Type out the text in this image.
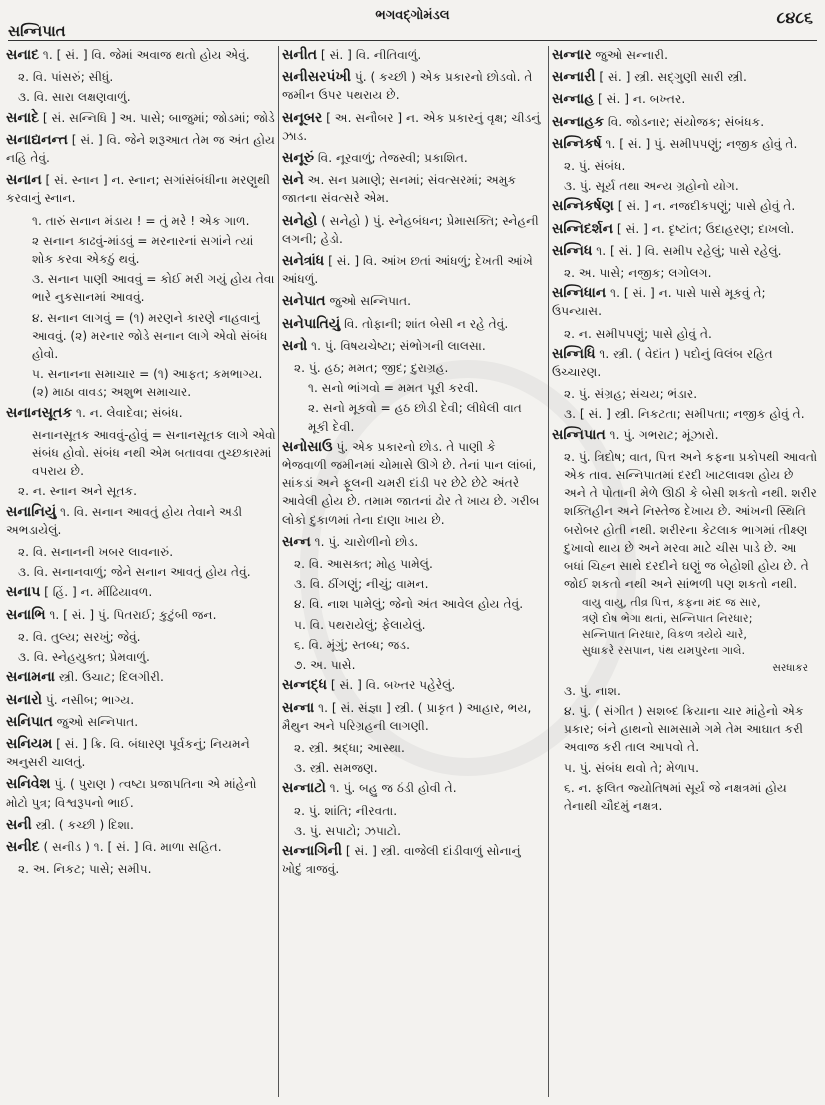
સન્નિપાત
ભગવદ્ગોમંડલ	૮૪૮૬

સનાદ ૧. [ સં. ] વિ. જેમાં અવાજ થતો હોય એવું.

૨. વિ. પાંસરું; સીધું.

૩. વિ. સારા લક્ષણવાળું.

સનાદે [ સં. સન્નિધિ ] અ. પાસે; બાજુમાં; જોડમાં; જોડે

સનાદ્યનન્ત [ સં. ] વિ. જેને શરૂઆત તેમ જ અંત હોય નહિ તેવું.

સનાન [ સં. સ્નાન ] ન. સ્નાન; સગાંસંબંધીના મરણુથી કરવાનું સ્નાન.

૧. તારું સનાન મંડાય ! = તું મરે ! એક ગાળ.

૨ સનાન કાઢવું-માંડવું = મરનારનાં સગાંને ત્યાં શોક કરવા એકઠું થવું.

૩. સનાન પાણી આવવું = કોઈ મરી ગયું હોય તેવા ભારે નુકસાનમાં આવવું.

૪. સનાન લાગવું = (૧) મરણને કારણે નાહવાનું આવવું. (૨) મરનાર જોડે સનાન લાગે એવો સંબંધ હોવો.

૫. સનાનના સમાચાર = (૧) આફત; કમભાગ્ય. (૨) માઠા વાવડ; અશુભ સમાચાર.

સનાનસૂતક ૧. ન. લેવાદેવા; સંબંધ.

સનાનસૂતક આવવું-હોવું = સનાનસૂતક લાગે એવો સંબંધ હોવો. સંબંધ નથી એમ બતાવવા તુચ્છકારમાં વપરાય છે.

૨. ન. સ્નાન અને સૂતક.

સનાનિયું ૧. વિ. સનાન આવતું હોય તેવાને અડી અભડાયેલું.

૨. વિ. સનાનની ખબર લાવનારું.

૩. વિ. સનાનવાળું; જેને સનાન આવતું હોય તેવું.

સનાપ [ હિં. ] ન. મીંઢિયાવળ.

સનાભિ ૧. [ સં. ] પું. પિતરાઈ; કુટુંબી જન.

૨. વિ. તુલ્ય; સરખું; જેવું.

૩. વિ. સ્નેહયુક્ત; પ્રેમવાળું.

સનામના સ્ત્રી. ઉચાટ; દિલગીરી.

સનારો પું. નસીબ; ભાગ્ય.

સનિપાત જુઓ સન્નિપાત.

સનિયમ [ સં. ] ક્રિ. વિ. બંધારણ પૂર્વકનું; નિયમને અનુસરી ચાલતું.

સનિવેશ પું. ( પુરાણ ) ત્વષ્ટા પ્રજાપતિના એ માંહેનો મોટો પુત્ર; વિશ્વરૂપનો ભાઈ.

સની સ્ત્રી. ( કચ્છી ) દિશા.

સનીદ ( સનીડ ) ૧. [ સં. ] વિ. માળા સહિત.

૨. અ. નિકટ; પાસે; સમીપ.

સનીત [ સં. ] વિ. નીતિવાળું.

સનીસરપંખી પું. ( કચ્છી ) એક પ્રકારનો છોડવો. તે જમીન ઉપર પથરાય છે.

સનૂબર [ અ. સનૌબર ] ન. એક પ્રકારનું વૃક્ષ; ચીડનું ઝાડ.

સનૂરું વિ. નૂરવાળું; તેજસ્વી; પ્રકાશિત.

સને અ. સન પ્રમાણે; સનમાં; સંવત્સરમાં; અમુક જાતના સંવત્સરે એમ.

સનેહો ( સનેહો ) પું. સ્નેહબંધન; પ્રેમાસક્તિ; સ્નેહની લગની; હેડો.

સનેત્રાંધ [ સં. ] વિ. આંખ છતાં આંધળું; દેખતી આંખે આંધળું.

સનેપાત જુઓ સન્નિપાત.

સનેપાતિયું વિ. તોફાની; શાંત બેસી ન રહે તેવું.

સનો ૧. પું. વિષયચેષ્ટા; સંભોગની લાલસા.

૨. પું. હઠ; મમત; જીદ; દુરાગ્રહ.

૧. સનો ભાંગવો = મમત પૂરી કરવી.

૨. સનો મૂકવો = હઠ છોડી દેવી; લીધેલી વાત મૂકી દેવી.

સનોસાઉ પું. એક પ્રકારનો છોડ. તે પાણી કે ભેજવાળી જમીનમાં ચોમાસે ઊગે છે. તેનાં પાન લાંબાં, સાંકડાં અને ફૂલની ચમરી દાંડી પર છેટે છેટે અંતરે આવેલી હોય છે. તમામ જાતનાં ઢોર તે ખાય છે. ગરીબ લોકો દુકાળમાં તેના દાણા ખાય છે.

સન્ન ૧. પું. ચારોળીનો છોડ.

૨. વિ. આસક્ત; મોહ પામેલું.

૩. વિ. ઠીંગણું; નીચું; વામન.

૪. વિ. નાશ પામેલું; જેનો અંત આવેલ હોય તેવું.

૫. વિ. પથરાયેલું; ફેલાયેલું.

૬. વિ. મૂંગું; સ્તબ્ધ; જડ.

૭. અ. પાસે.

સન્નદ્ધ [ સં. ] વિ. બખ્તર પહેરેલું.

સન્ના ૧. [ સં. સંજ્ઞા ] સ્ત્રી. ( પ્રાકૃત ) આહાર, ભય, મૈથુન અને પરિગ્રહની લાગણી.

૨. સ્ત્રી. શ્રદ્ધા; આસ્થા.

૩. સ્ત્રી. સમજણ.

સન્નાટો ૧. પું. બહુ જ ઠંડી હોવી તે.

૨. પું. શાંતિ; નીરવતા.

૩. પું. સપાટો; ઝપાટો.

સન્નાગિની [ સં. ] સ્ત્રી. વાજેલી દાંડીવાળું સોનાનું ખોદું ત્રાજવું.

સન્નાર જુઓ સન્નારી.

સન્નારી [ સં. ] સ્ત્રી. સદ્ગુણી સારી સ્ત્રી.

સન્નાહ [ સં. ] ન. બખ્તર.

સન્નાહક વિ. જોડનાર; સંયોજક; સંબંધક.

સન્નિકર્ષ ૧. [ સં. ] પું. સમીપપણું; નજીક હોવું તે.

૨. પું. સંબંધ.

૩. પું. સૂર્ય તથા અન્ય ગ્રહોનો યોગ.

સન્નિકર્ષણ [ સં. ] ન. નજદીકપણું; પાસે હોવું તે.

સન્નિદર્શન [ સં. ] ન. દૃષ્ટાંત; ઉદાહરણ; દાખલો.

સન્નિધ ૧. [ સં. ] વિ. સમીપ રહેલું; પાસે રહેલું.

૨. અ. પાસે; નજીક; લગોલગ.

સન્નિધાન ૧. [ સં. ] ન. પાસે પાસે મૂકવું તે; ઉપન્યાસ.

૨. ન. સમીપપણું; પાસે હોવું તે.

સન્નિધિ ૧. સ્ત્રી. ( વેદાંત ) પદોનું વિલંબ રહિત ઉચ્ચારણ.

૨. પું. સંગ્રહ; સંચય; ભંડાર.

૩. [ સં. ] સ્ત્રી. નિકટતા; સમીપતા; નજીક હોવું તે.

સન્નિપાત ૧. પું. ગભરાટ; મૂંઝારો.

૨. પું. ત્રિદોષ; વાત, પિત્ત અને કફના પ્રકોપથી આવતો એક તાવ. સન્નિપાતમાં દરદી ખાટલાવશ હોય છે અને તે પોતાની મેળે ઊઠી કે બેસી શકતો નથી. શરીર શક્તિહીન અને નિસ્તેજ દેખાય છે. આંખની સ્થિતિ બરોબર હોતી નથી. શરીરના કેટલાક ભાગમાં તીક્ષ્ણ દુખાવો થાય છે અને મરવા માટે ચીસ પાડે છે. આ બધાં ચિહ્ન સાથે દરદીને ઘણું જ બેહોશી હોય છે. તે જોઈ શકતો નથી અને સાંભળી પણ શકતો નથી.

વાયુ વાયુ, તીવ્ર પિત્ત, કફના મંદ જ સાર,

ત્રણે દોષ ભેગા થતાં, સન્નિપાત નિરધાર;

સન્નિપાત નિરધાર, વિકળ ત્રયેયે ચારે,

સુધાકરે રસપાન, પંથ યમપુરના ગાલે.

સરધાકર

૩. પું. નાશ.

૪. પું. ( સંગીત ) સશબ્દ ક્રિયાના ચાર માંહેનો એક પ્રકાર; બંને હાથનો સામસામે ગમે તેમ આઘાત કરી અવાજ કરી તાલ આપવો તે.

૫. પું. સંબંધ થવો તે; મેળાપ.

૬. ન. ફલિત જ્યોતિષમાં સૂર્ય જે નક્ષત્રમાં હોય તેનાથી ચૌદમું નક્ષત્ર.
